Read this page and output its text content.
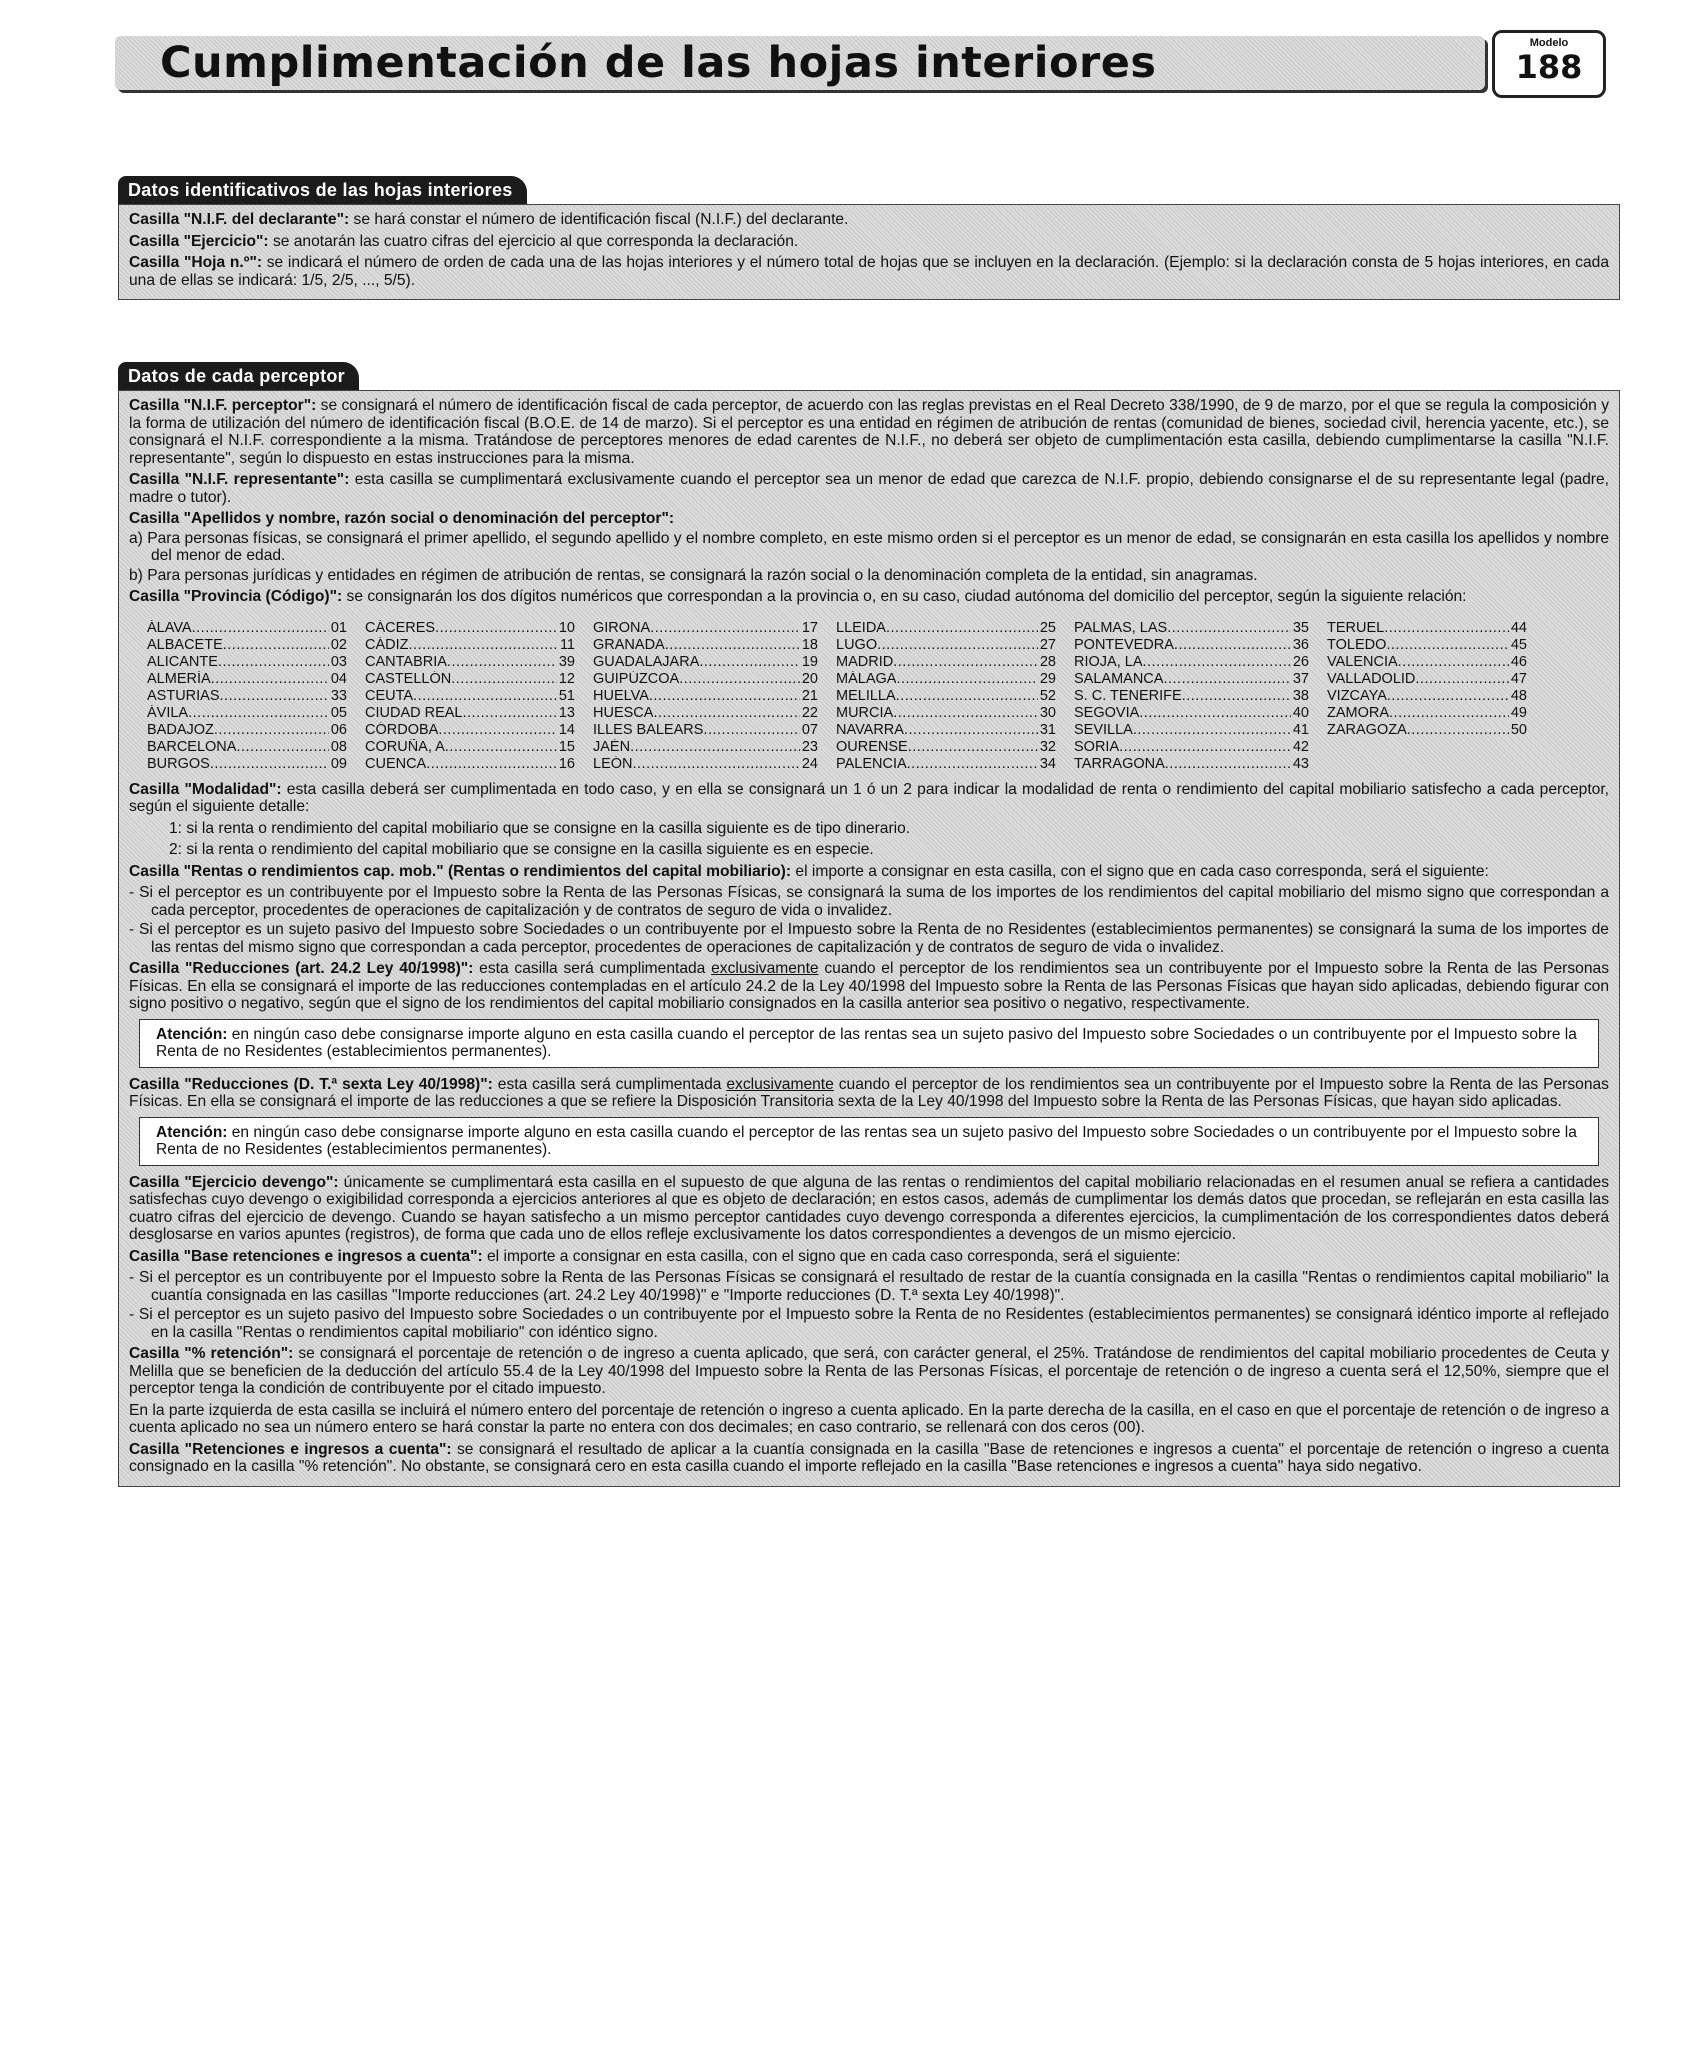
Cumplimentación de las hojas interiores	Modelo
188
Datos identificativos de las hojas interiores

Casilla "N.I.F. del declarante": se hará constar el número de identificación fiscal (N.I.F.) del declarante.

Casilla "Ejercicio": se anotarán las cuatro cifras del ejercicio al que corresponda la declaración.

Casilla "Hoja n.º": se indicará el número de orden de cada una de las hojas interiores y el número total de hojas que se incluyen en la declaración. (Ejemplo: si la declaración consta de 5 hojas interiores, en cada una de ellas se indicará: 1/5, 2/5, ..., 5/5).

Datos de cada perceptor

Casilla "N.I.F. perceptor": se consignará el número de identificación fiscal de cada perceptor, de acuerdo con las reglas previstas en el Real Decreto 338/1990, de 9 de marzo, por el que se regula la composición y la forma de utilización del número de identificación fiscal (B.O.E. de 14 de marzo). Si el perceptor es una entidad en régimen de atribución de rentas (comunidad de bienes, sociedad civil, herencia yacente, etc.), se consignará el N.I.F. correspondiente a la misma. Tratándose de perceptores menores de edad carentes de N.I.F., no deberá ser objeto de cumplimentación esta casilla, debiendo cumplimentarse la casilla "N.I.F. representante", según lo dispuesto en estas instrucciones para la misma.

Casilla "N.I.F. representante": esta casilla se cumplimentará exclusivamente cuando el perceptor sea un menor de edad que carezca de N.I.F. propio, debiendo consignarse el de su representante legal (padre, madre o tutor).

Casilla "Apellidos y nombre, razón social o denominación del perceptor":

a) Para personas físicas, se consignará el primer apellido, el segundo apellido y el nombre completo, en este mismo orden si el perceptor es un menor de edad, se consignarán en esta casilla los apellidos y nombre del menor de edad.
b) Para personas jurídicas y entidades en régimen de atribución de rentas, se consignará la razón social o la denominación completa de la entidad, sin anagramas.

Casilla "Provincia (Código)": se consignarán los dos dígitos numéricos que correspondan a la provincia o, en su caso, ciudad autónoma del domicilio del perceptor, según la siguiente relación:

ÁLAVA .....	01
ALBACETE .....	02
ALICANTE .....	03
ALMERÍA .....	04
ASTURIAS .....	33
ÁVILA .....	05
BADAJOZ .....	06
BARCELONA .....	08
BURGOS .....	09
CÁCERES .....	10
CÁDIZ .....	11
CANTABRIA .....	39
CASTELLÓN .....	12
CEUTA .....	51
CIUDAD REAL .....	13
CÓRDOBA .....	14
CORUÑA, A .....	15
CUENCA .....	16
GIRONA .....	17
GRANADA .....	18
GUADALAJARA .....	19
GUIPÚZCOA .....	20
HUELVA .....	21
HUESCA .....	22
ILLES BALEARS .....	07
JAÉN .....	23
LEÓN .....	24
LLEIDA .....	25
LUGO .....	27
MADRID .....	28
MÁLAGA .....	29
MELILLA .....	52
MURCIA .....	30
NAVARRA .....	31
OURENSE .....	32
PALENCIA .....	34
PALMAS, LAS .....	35
PONTEVEDRA .....	36
RIOJA, LA .....	26
SALAMANCA .....	37
S. C. TENERIFE .....	38
SEGOVIA .....	40
SEVILLA .....	41
SORIA .....	42
TARRAGONA .....	43
TERUEL .....	44
TOLEDO .....	45
VALENCIA .....	46
VALLADOLID .....	47
VIZCAYA .....	48
ZAMORA .....	49
ZARAGOZA .....	50

Casilla "Modalidad": esta casilla deberá ser cumplimentada en todo caso, y en ella se consignará un 1 ó un 2 para indicar la modalidad de renta o rendimiento del capital mobiliario satisfecho a cada perceptor, según el siguiente detalle:

1: si la renta o rendimiento del capital mobiliario que se consigne en la casilla siguiente es de tipo dinerario.

2: si la renta o rendimiento del capital mobiliario que se consigne en la casilla siguiente es en especie.

Casilla "Rentas o rendimientos cap. mob." (Rentas o rendimientos del capital mobiliario): el importe a consignar en esta casilla, con el signo que en cada caso corresponda, será el siguiente:

- Si el perceptor es un contribuyente por el Impuesto sobre la Renta de las Personas Físicas, se consignará la suma de los importes de los rendimientos del capital mobiliario del mismo signo que correspondan a cada perceptor, procedentes de operaciones de capitalización y de contratos de seguro de vida o invalidez.
- Si el perceptor es un sujeto pasivo del Impuesto sobre Sociedades o un contribuyente por el Impuesto sobre la Renta de no Residentes (establecimientos permanentes) se consignará la suma de los importes de las rentas del mismo signo que correspondan a cada perceptor, procedentes de operaciones de capitalización y de contratos de seguro de vida o invalidez.

Casilla "Reducciones (art. 24.2 Ley 40/1998)": esta casilla será cumplimentada exclusivamente cuando el perceptor de los rendimientos sea un contribuyente por el Impuesto sobre la Renta de las Personas Físicas. En ella se consignará el importe de las reducciones contempladas en el artículo 24.2 de la Ley 40/1998 del Impuesto sobre la Renta de las Personas Físicas que hayan sido aplicadas, debiendo figurar con signo positivo o negativo, según que el signo de los rendimientos del capital mobiliario consignados en la casilla anterior sea positivo o negativo, respectivamente.

Atención: en ningún caso debe consignarse importe alguno en esta casilla cuando el perceptor de las rentas sea un sujeto pasivo del Impuesto sobre Sociedades o un contribuyente por el Impuesto sobre la Renta de no Residentes (establecimientos permanentes).

Casilla "Reducciones (D. T.ª sexta Ley 40/1998)": esta casilla será cumplimentada exclusivamente cuando el perceptor de los rendimientos sea un contribuyente por el Impuesto sobre la Renta de las Personas Físicas. En ella se consignará el importe de las reducciones a que se refiere la Disposición Transitoria sexta de la Ley 40/1998 del Impuesto sobre la Renta de las Personas Físicas, que hayan sido aplicadas.

Atención: en ningún caso debe consignarse importe alguno en esta casilla cuando el perceptor de las rentas sea un sujeto pasivo del Impuesto sobre Sociedades o un contribuyente por el Impuesto sobre la Renta de no Residentes (establecimientos permanentes).

Casilla "Ejercicio devengo": únicamente se cumplimentará esta casilla en el supuesto de que alguna de las rentas o rendimientos del capital mobiliario relacionadas en el resumen anual se refiera a cantidades satisfechas cuyo devengo o exigibilidad corresponda a ejercicios anteriores al que es objeto de declaración; en estos casos, además de cumplimentar los demás datos que procedan, se reflejarán en esta casilla las cuatro cifras del ejercicio de devengo. Cuando se hayan satisfecho a un mismo perceptor cantidades cuyo devengo corresponda a diferentes ejercicios, la cumplimentación de los correspondientes datos deberá desglosarse en varios apuntes (registros), de forma que cada uno de ellos refleje exclusivamente los datos correspondientes a devengos de un mismo ejercicio.

Casilla "Base retenciones e ingresos a cuenta": el importe a consignar en esta casilla, con el signo que en cada caso corresponda, será el siguiente:

- Si el perceptor es un contribuyente por el Impuesto sobre la Renta de las Personas Físicas se consignará el resultado de restar de la cuantía consignada en la casilla "Rentas o rendimientos capital mobiliario" la cuantía consignada en las casillas "Importe reducciones (art. 24.2 Ley 40/1998)" e "Importe reducciones (D. T.ª sexta Ley 40/1998)".
- Si el perceptor es un sujeto pasivo del Impuesto sobre Sociedades o un contribuyente por el Impuesto sobre la Renta de no Residentes (establecimientos permanentes) se consignará idéntico importe al reflejado en la casilla "Rentas o rendimientos capital mobiliario" con idéntico signo.

Casilla "% retención": se consignará el porcentaje de retención o de ingreso a cuenta aplicado, que será, con carácter general, el 25%. Tratándose de rendimientos del capital mobiliario procedentes de Ceuta y Melilla que se beneficien de la deducción del artículo 55.4 de la Ley 40/1998 del Impuesto sobre la Renta de las Personas Físicas, el porcentaje de retención o de ingreso a cuenta será el 12,50%, siempre que el perceptor tenga la condición de contribuyente por el citado impuesto.

En la parte izquierda de esta casilla se incluirá el número entero del porcentaje de retención o ingreso a cuenta aplicado. En la parte derecha de la casilla, en el caso en que el porcentaje de retención o de ingreso a cuenta aplicado no sea un número entero se hará constar la parte no entera con dos decimales; en caso contrario, se rellenará con dos ceros (00).

Casilla "Retenciones e ingresos a cuenta": se consignará el resultado de aplicar a la cuantía consignada en la casilla "Base de retenciones e ingresos a cuenta" el porcentaje de retención o ingreso a cuenta consignado en la casilla "% retención". No obstante, se consignará cero en esta casilla cuando el importe reflejado en la casilla "Base retenciones e ingresos a cuenta" haya sido negativo.
